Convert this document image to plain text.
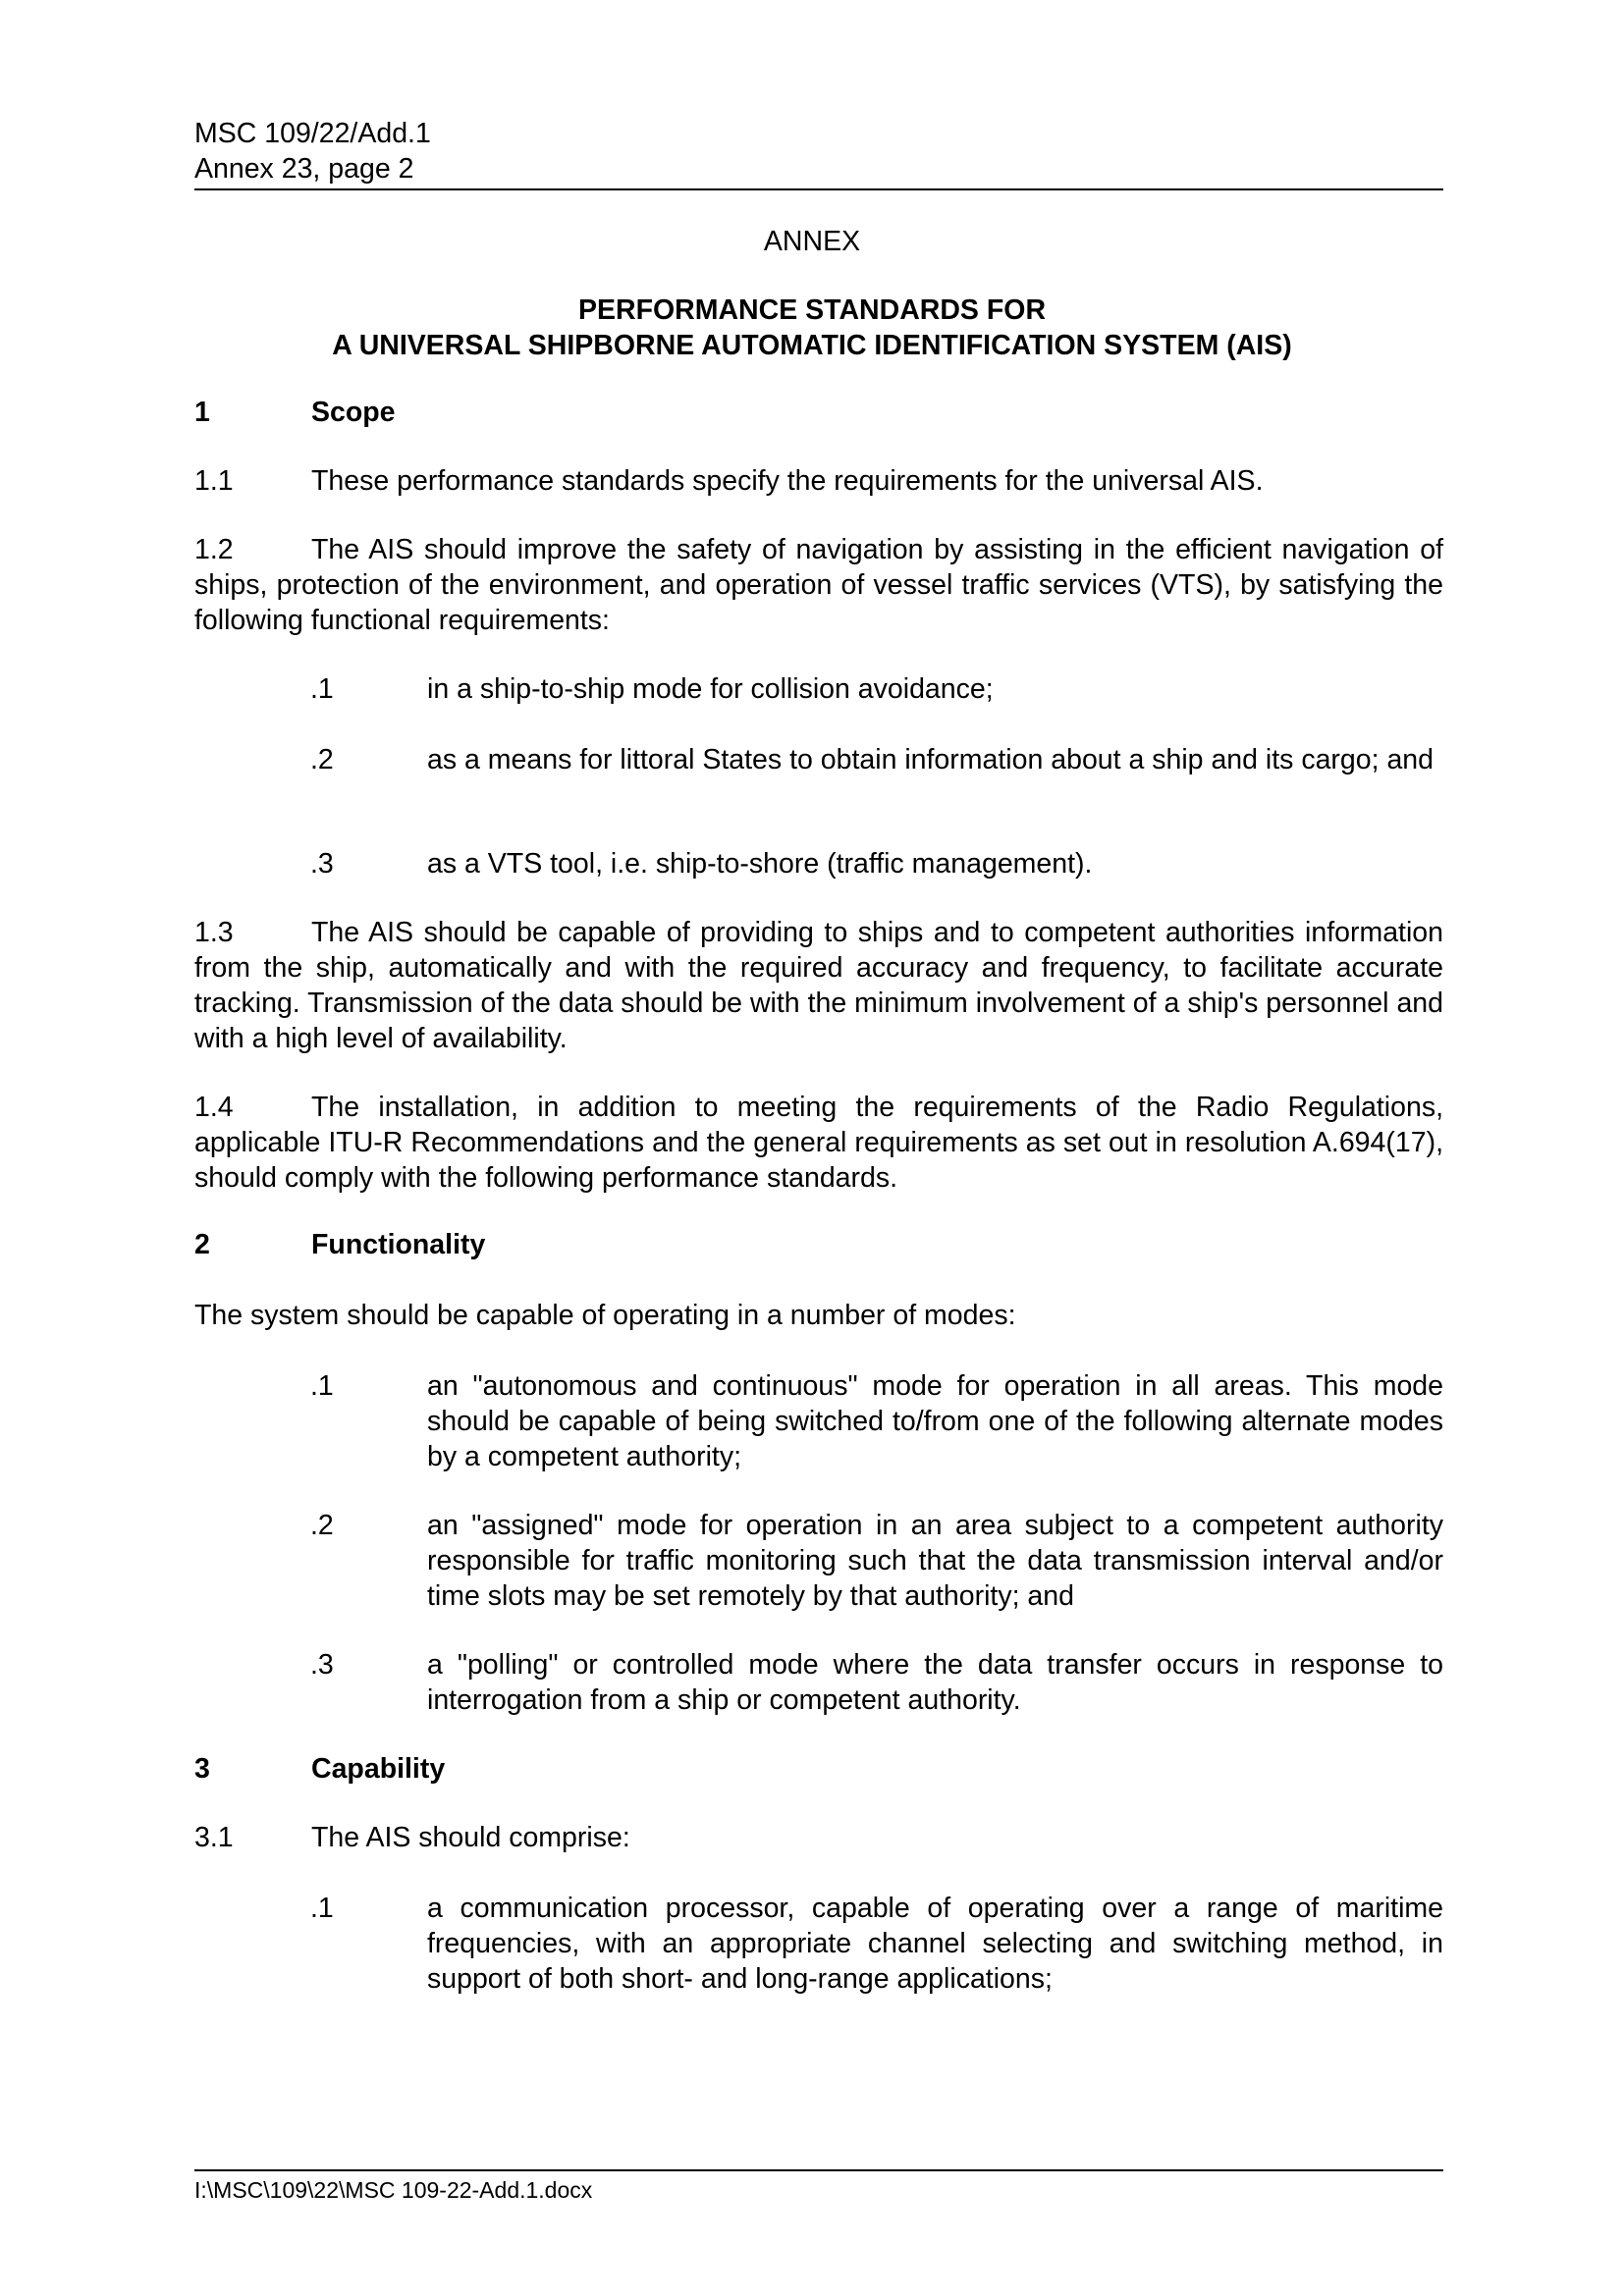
MSC 109/22/Add.1
Annex 23, page 2
ANNEX
PERFORMANCE STANDARDS FOR
A UNIVERSAL SHIPBORNE AUTOMATIC IDENTIFICATION SYSTEM (AIS)
1	Scope
1.1	These performance standards specify the requirements for the universal AIS.
1.2	The AIS should improve the safety of navigation by assisting in the efficient navigation of ships, protection of the environment, and operation of vessel traffic services (VTS), by satisfying the following functional requirements:
.1	in a ship-to-ship mode for collision avoidance;
.2	as a means for littoral States to obtain information about a ship and its cargo; and
.3	as a VTS tool, i.e. ship-to-shore (traffic management).
1.3	The AIS should be capable of providing to ships and to competent authorities information from the ship, automatically and with the required accuracy and frequency, to facilitate accurate tracking. Transmission of the data should be with the minimum involvement of a ship's personnel and with a high level of availability.
1.4	The installation, in addition to meeting the requirements of the Radio Regulations, applicable ITU-R Recommendations and the general requirements as set out in resolution A.694(17), should comply with the following performance standards.
2	Functionality
The system should be capable of operating in a number of modes:
.1	an "autonomous and continuous" mode for operation in all areas. This mode should be capable of being switched to/from one of the following alternate modes by a competent authority;
.2	an "assigned" mode for operation in an area subject to a competent authority responsible for traffic monitoring such that the data transmission interval and/or time slots may be set remotely by that authority; and
.3	a "polling" or controlled mode where the data transfer occurs in response to interrogation from a ship or competent authority.
3	Capability
3.1	The AIS should comprise:
.1	a communication processor, capable of operating over a range of maritime frequencies, with an appropriate channel selecting and switching method, in support of both short- and long-range applications;
I:\MSC\109\22\MSC 109-22-Add.1.docx
